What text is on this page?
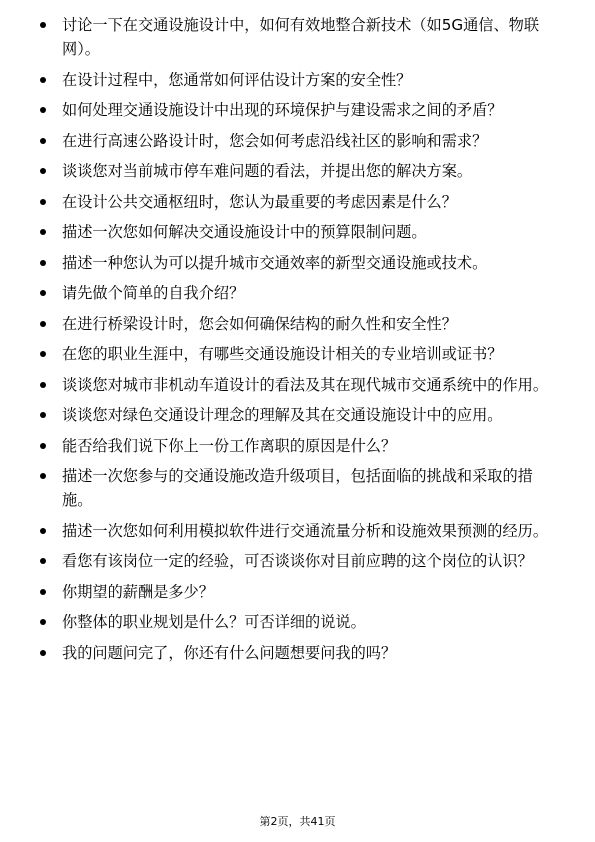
讨论一下在交通设施设计中，如何有效地整合新技术（如5G通信、物联网）。
在设计过程中，您通常如何评估设计方案的安全性？
如何处理交通设施设计中出现的环境保护与建设需求之间的矛盾？
在进行高速公路设计时，您会如何考虑沿线社区的影响和需求？
谈谈您对当前城市停车难问题的看法，并提出您的解决方案。
在设计公共交通枢纽时，您认为最重要的考虑因素是什么？
描述一次您如何解决交通设施设计中的预算限制问题。
描述一种您认为可以提升城市交通效率的新型交通设施或技术。
请先做个简单的自我介绍？
在进行桥梁设计时，您会如何确保结构的耐久性和安全性？
在您的职业生涯中，有哪些交通设施设计相关的专业培训或证书？
谈谈您对城市非机动车道设计的看法及其在现代城市交通系统中的作用。
谈谈您对绿色交通设计理念的理解及其在交通设施设计中的应用。
能否给我们说下你上一份工作离职的原因是什么？
描述一次您参与的交通设施改造升级项目，包括面临的挑战和采取的措施。
描述一次您如何利用模拟软件进行交通流量分析和设施效果预测的经历。
看您有该岗位一定的经验，可否谈谈你对目前应聘的这个岗位的认识？
你期望的薪酬是多少？
你整体的职业规划是什么？可否详细的说说。
我的问题问完了，你还有什么问题想要问我的吗？
第2页，共41页
